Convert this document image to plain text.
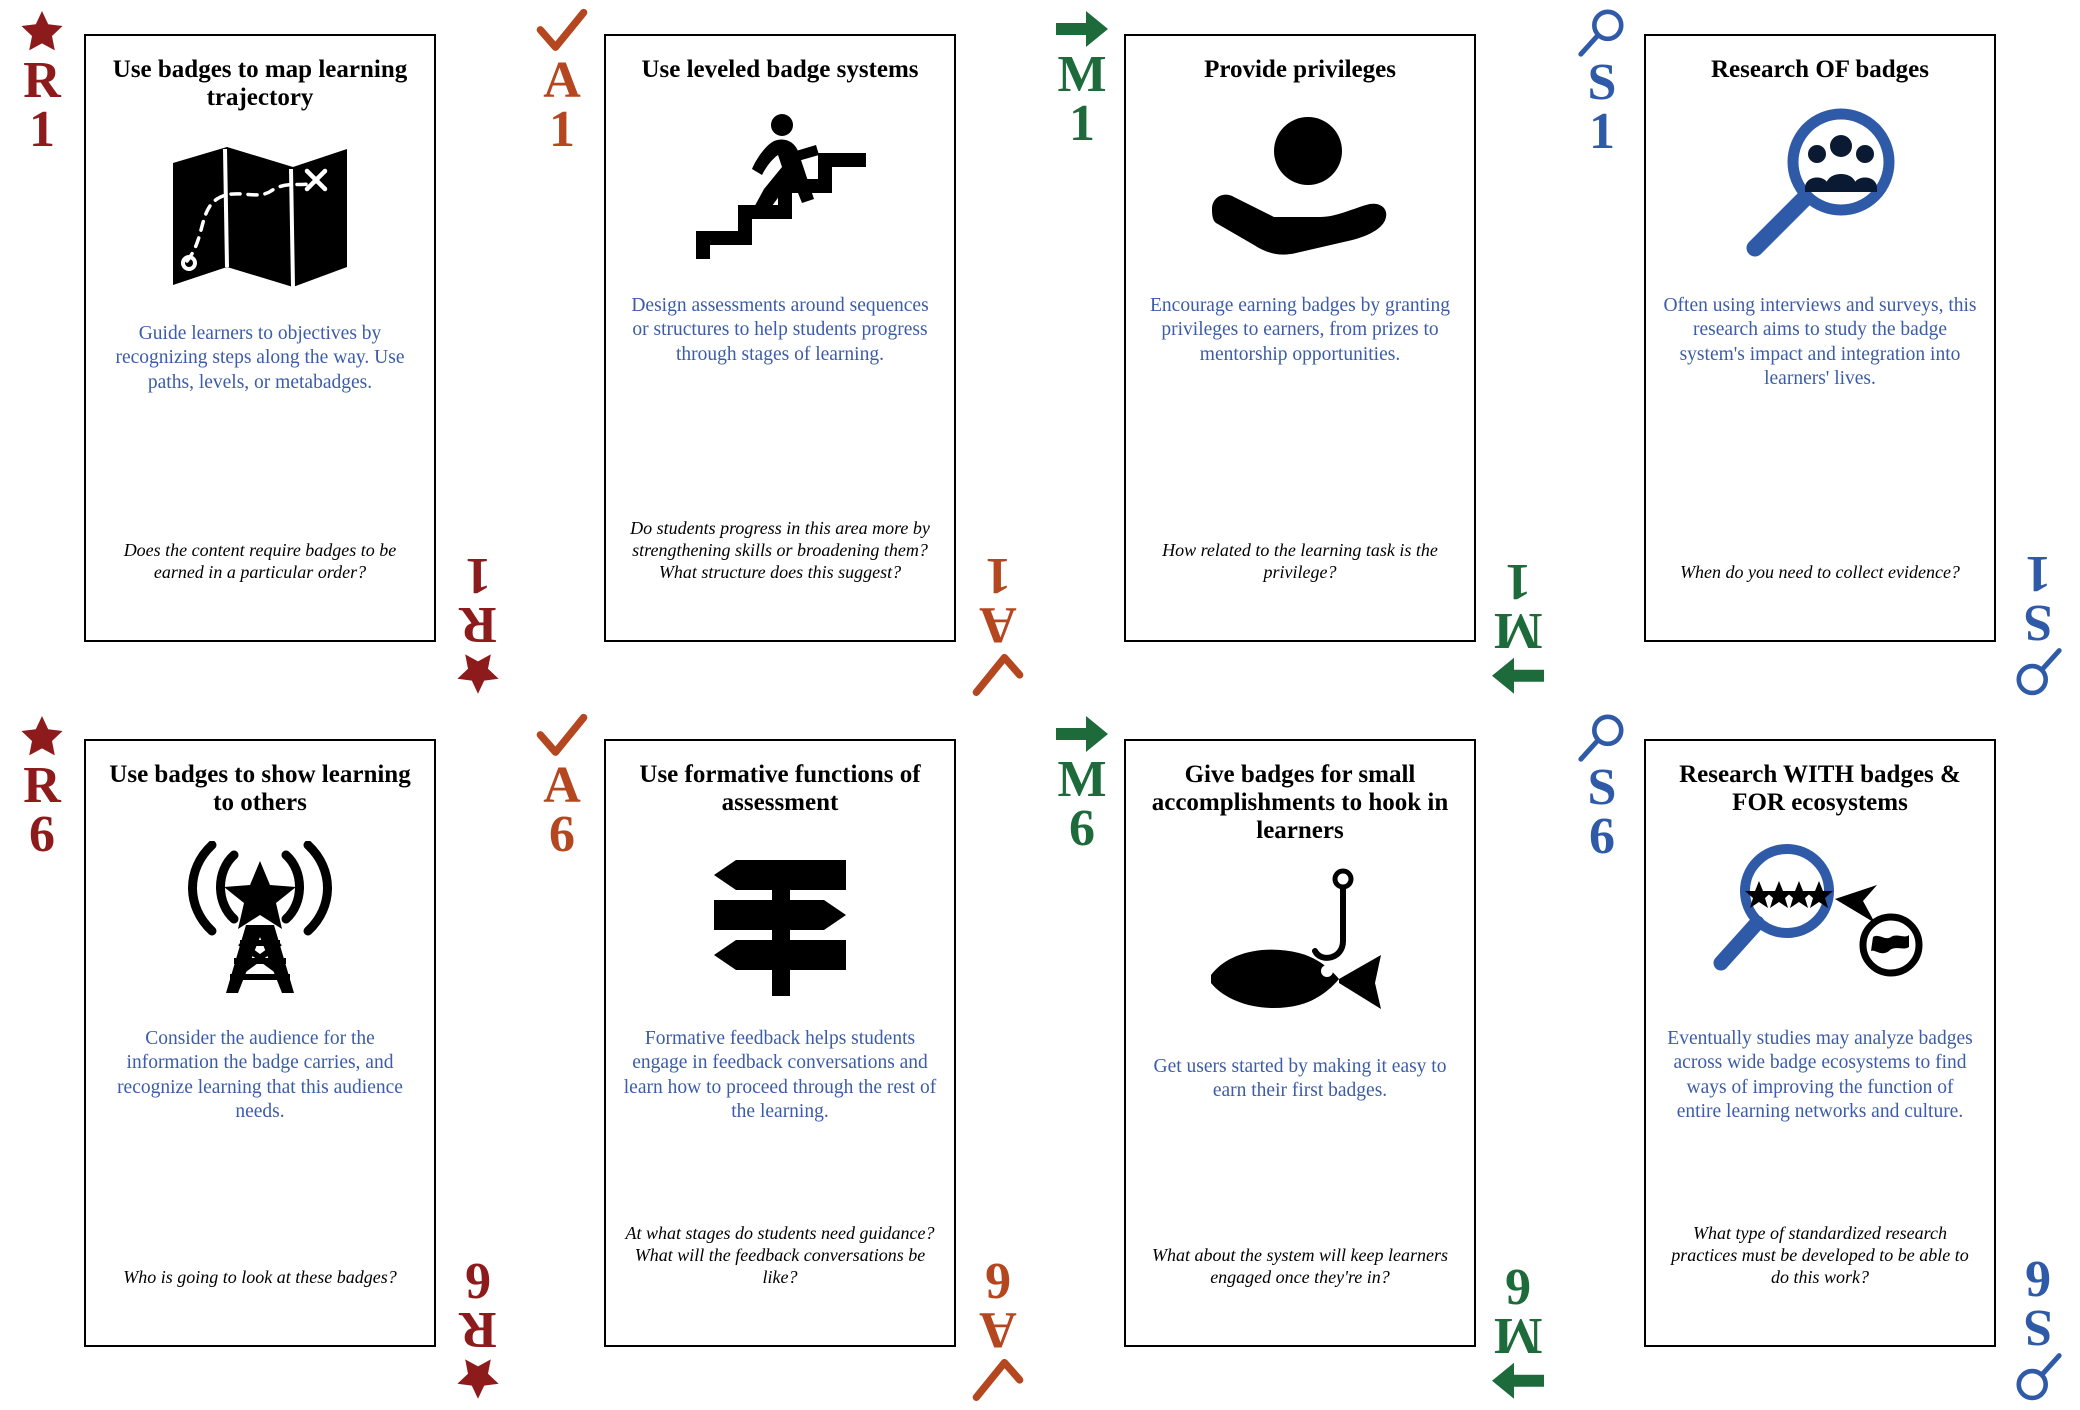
R
1
Use badges to map learning trajectory
Guide learners to objectives by recognizing steps along the way. Use paths, levels, or metabadges.
Does the content require badges to be earned in a particular order?
R
1
A
1
Use leveled badge systems
Design assessments around sequences or structures to help students progress through stages of learning.
Do students progress in this area more by strengthening skills or broadening them? What structure does this suggest?
A
1
M
1
Provide privileges
Encourage earning badges by granting privileges to earners, from prizes to mentorship opportunities.
How related to the learning task is the privilege?
M
1
S
1
Research OF badges
Often using interviews and surveys, this research aims to study the badge system's impact and integration into learners' lives.
When do you need to collect evidence?
S
1
R
6
Use badges to show learning to others
Consider the audience for the information the badge carries, and recognize learning that this audience needs.
Who is going to look at these badges?
R
6
A
6
Use formative functions of assessment
Formative feedback helps students engage in feedback conversations and learn how to proceed through the rest of the learning.
At what stages do students need guidance? What will the feedback conversations be like?
A
6
M
6
Give badges for small accomplishments to hook in learners
Get users started by making it easy to earn their first badges.
What about the system will keep learners engaged once they're in?
M
6
S
6
Research WITH badges & FOR ecosystems
Eventually studies may analyze badges across wide badge ecosystems to find ways of improving the function of entire learning networks and culture.
What type of standardized research practices must be developed to be able to do this work?
S
6
